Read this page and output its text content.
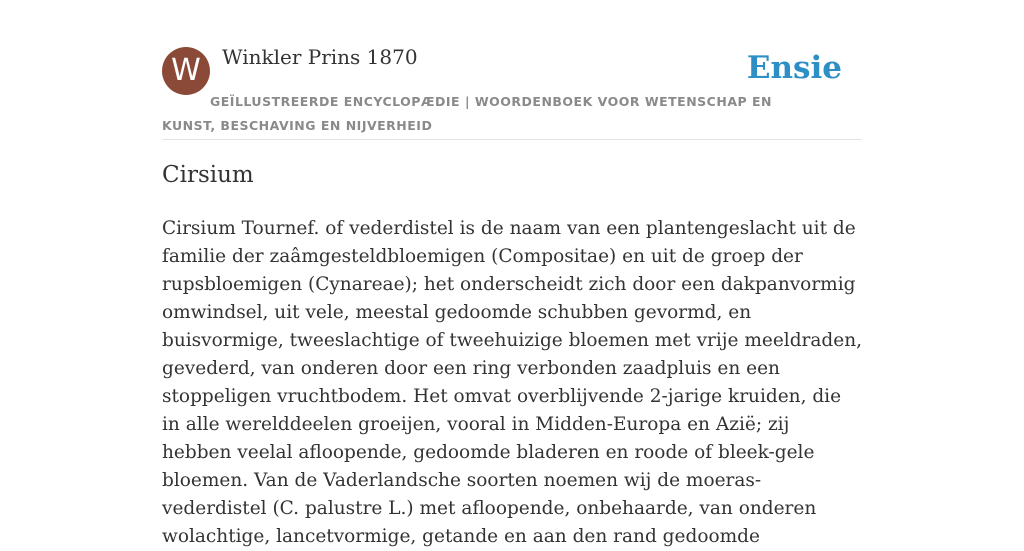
W	Winkler Prins 1870	Ensie
GEÏLLUSTREERDE ENCYCLOPÆDIE | WOORDENBOEK VOOR WETENSCHAP EN KUNST, BESCHAVING EN NIJVERHEID
Cirsium

Cirsium Tournef. of vederdistel is de naam van een plantengeslacht uit de familie der zaâmgesteldbloemigen (Compositae) en uit de groep der rupsbloemigen (Cynareae); het onderscheidt zich door een dakpanvormig omwindsel, uit vele, meestal gedoomde schubben gevormd, en buisvormige, tweeslachtige of tweehuizige bloemen met vrije meeldraden, gevederd, van onderen door een ring verbonden zaadpluis en een stoppeligen vruchtbodem. Het omvat overblijvende 2-jarige kruiden, die in alle werelddeelen groeijen, vooral in Midden-Europa en Azië; zij hebben veelal afloopende, gedoomde bladeren en roode of bleek-gele bloemen. Van de Vaderlandsche soorten noemen wij de moeras-vederdistel (C. palustre L.) met afloopende, onbehaarde, van onderen wolachtige, lancetvormige, getande en aan den rand gedoomde
